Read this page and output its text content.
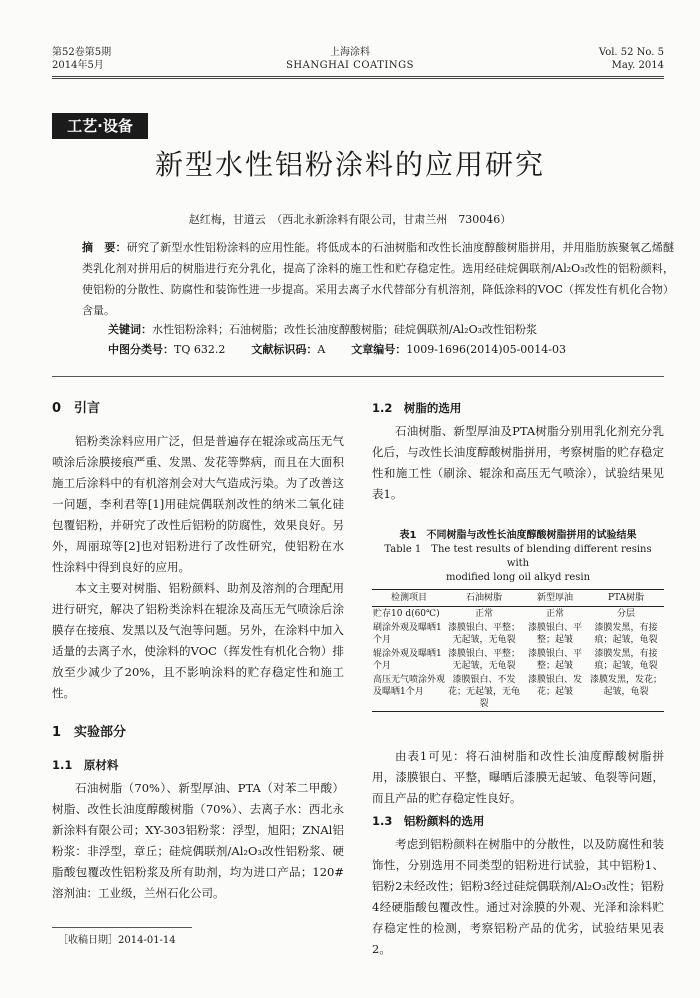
第52卷第5期
2014年5月
上海涂料
SHANGHAI COATINGS
Vol. 52 No. 5
May. 2014
工艺·设备
新型水性铝粉涂料的应用研究
赵红梅，甘道云　（西北永新涂料有限公司，甘肃兰州　730046）
摘　要：研究了新型水性铝粉涂料的应用性能。将低成本的石油树脂和改性长油度醇酸树脂拼用，并用脂肪族聚氧乙烯醚类乳化剂对拼用后的树脂进行充分乳化，提高了涂料的施工性和贮存稳定性。选用经硅烷偶联剂/Al₂O₃改性的铝粉颜料，使铝粉的分散性、防腐性和装饰性进一步提高。采用去离子水代替部分有机溶剂，降低涂料的VOC（挥发性有机化合物）含量。
关键词：水性铝粉涂料；石油树脂；改性长油度醇酸树脂；硅烷偶联剂/Al₂O₃改性铝粉浆
中图分类号：TQ 632.2 文献标识码：A 文章编号：1009-1696(2014)05-0014-03
0　引言

铝粉类涂料应用广泛，但是普遍存在辊涂或高压无气喷涂后涂膜接痕严重、发黑、发花等弊病，而且在大面积施工后涂料中的有机溶剂会对大气造成污染。为了改善这一问题，李利君等[1]用硅烷偶联剂改性的纳米二氧化硅包覆铝粉，并研究了改性后铝粉的防腐性，效果良好。另外，周丽琼等[2]也对铝粉进行了改性研究，使铝粉在水性涂料中得到良好的应用。

本文主要对树脂、铝粉颜料、助剂及溶剂的合理配用进行研究，解决了铝粉类涂料在辊涂及高压无气喷涂后涂膜存在接痕、发黑以及气泡等问题。另外，在涂料中加入适量的去离子水，使涂料的VOC（挥发性有机化合物）排放至少减少了20%，且不影响涂料的贮存稳定性和施工性。

1　实验部分
1.1　原材料

石油树脂（70%）、新型厚油、PTA（对苯二甲酸）树脂、改性长油度醇酸树脂（70%）、去离子水：西北永新涂料有限公司；XY-303铝粉浆：浮型，旭阳；ZNAl铝粉浆：非浮型，章丘；硅烷偶联剂/Al₂O₃改性铝粉浆、硬脂酸包覆改性铝粉浆及所有助剂，均为进口产品；120#溶剂油：工业级，兰州石化公司。

［收稿日期］2014-01-14
1.2　树脂的选用

石油树脂、新型厚油及PTA树脂分别用乳化剂充分乳化后，与改性长油度醇酸树脂拼用，考察树脂的贮存稳定性和施工性（刷涂、辊涂和高压无气喷涂），试验结果见表1。

表1　 不同树脂与改性长油度醇酸树脂拼用的试验结果
Table 1　The test results of blending different resins with
modified long oil alkyd resin
检测项目	石油树脂	新型厚油	PTA树脂
贮存10 d(60℃)	正常	正常	分层
刷涂外观及曝晒1个月	漆膜银白、平整；无起皱，无龟裂	漆膜银白、平整；起皱	漆膜发黑，有接痕；起皱，龟裂
辊涂外观及曝晒1个月	漆膜银白、平整；无起皱，无龟裂	漆膜银白、平整；起皱	漆膜发黑，有接痕；起皱，龟裂
高压无气喷涂外观及曝晒1个月	漆膜银白、不发花；无起皱，无龟裂	漆膜银白、发花；起皱	漆膜发黑，发花；起皱，龟裂

由表1可见：将石油树脂和改性长油度醇酸树脂拼用，漆膜银白、平整，曝晒后漆膜无起皱、龟裂等问题，而且产品的贮存稳定性良好。

1.3　铝粉颜料的选用

考虑到铝粉颜料在树脂中的分散性，以及防腐性和装饰性，分别选用不同类型的铝粉进行试验，其中铝粉1、铝粉2未经改性；铝粉3经过硅烷偶联剂/Al₂O₃改性；铝粉4经硬脂酸包覆改性。通过对涂膜的外观、光泽和涂料贮存稳定性的检测，考察铝粉产品的优劣，试验结果见表2。
